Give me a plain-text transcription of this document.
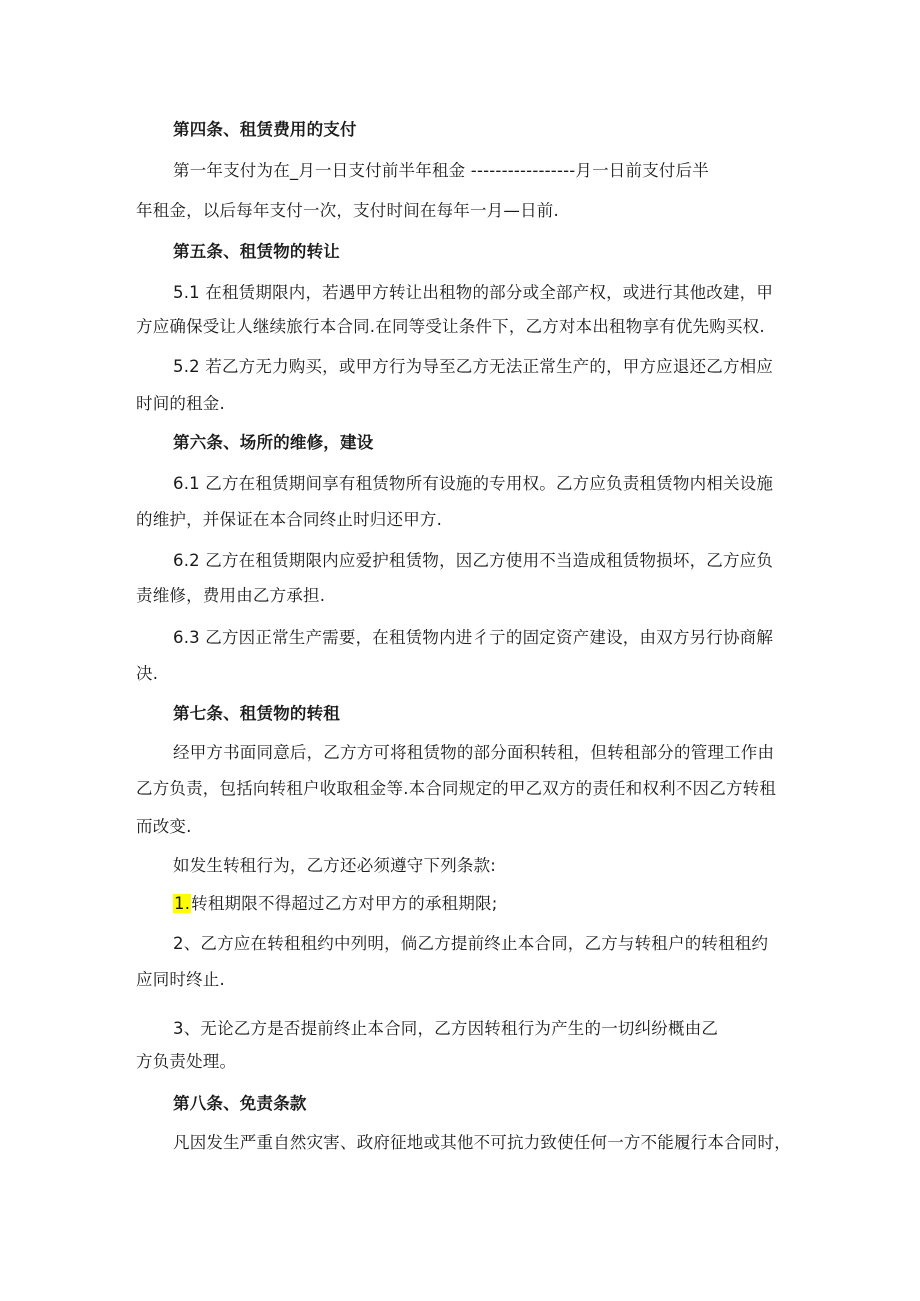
第四条、租赁费用的支付
第一年支付为在_月一日支付前半年租金 -----------------月一日前支付后半
年租金，以后每年支付一次，支付时间在每年一月—日前.
第五条、租赁物的转让
5.1 在租赁期限内，若遇甲方转让出租物的部分或全部产权，或进行其他改建，甲
方应确保受让人继续旅行本合同.在同等受让条件下，乙方对本出租物享有优先购买权.
5.2 若乙方无力购买，或甲方行为导至乙方无法正常生产的，甲方应退还乙方相应
时间的租金.
第六条、场所的维修，建设
6.1 乙方在租赁期间享有租赁物所有设施的专用权。乙方应负责租赁物内相关设施
的维护，并保证在本合同终止时归还甲方.
6.2 乙方在租赁期限内应爱护租赁物，因乙方使用不当造成租赁物损坏，乙方应负
责维修，费用由乙方承担.
6.3 乙方因正常生产需要，在租赁物内进彳亍的固定资产建设，由双方另行协商解
决.
第七条、租赁物的转租
经甲方书面同意后，乙方方可将租赁物的部分面积转租，但转租部分的管理工作由
乙方负责，包括向转租户收取租金等.本合同规定的甲乙双方的责任和权利不因乙方转租
而改变.
如发生转租行为，乙方还必须遵守下列条款:
1.转租期限不得超过乙方对甲方的承租期限;
2、乙方应在转租租约中列明，倘乙方提前终止本合同，乙方与转租户的转租租约
应同时终止.
3、无论乙方是否提前终止本合同，乙方因转租行为产生的一切纠纷概由乙
方负责处理。
第八条、免责条款
凡因发生严重自然灾害、政府征地或其他不可抗力致使任何一方不能履行本合同时，
